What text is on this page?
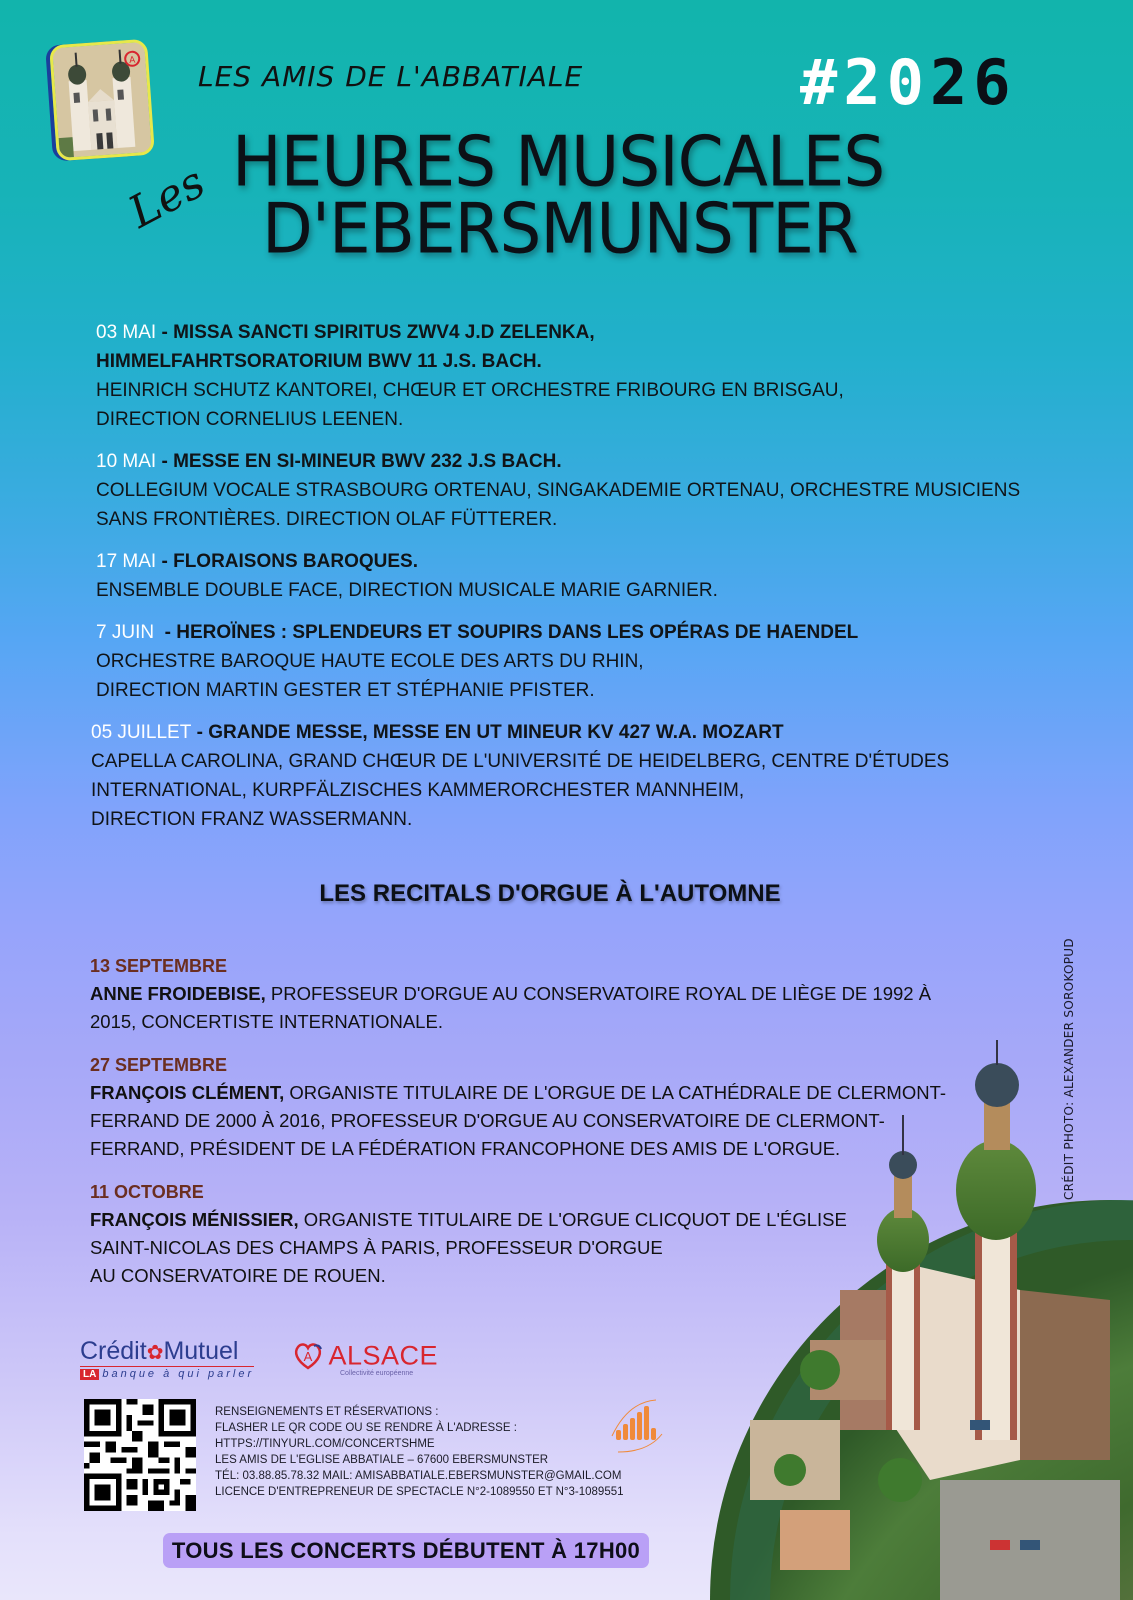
A LES AMIS DE L'ABBATIALE	#2026
Les HEURES MUSICALES
D'EBERSMUNSTER
03 MAI - MISSA SANCTI SPIRITUS ZWV4 J.D ZELENKA,
HIMMELFAHRTSORATORIUM BWV 11 J.S. BACH.
HEINRICH SCHUTZ KANTOREI, CHŒUR ET ORCHESTRE FRIBOURG EN BRISGAU,
DIRECTION CORNELIUS LEENEN.
10 MAI - MESSE EN SI-MINEUR BWV 232 J.S BACH.
COLLEGIUM VOCALE STRASBOURG ORTENAU, SINGAKADEMIE ORTENAU, ORCHESTRE MUSICIENS
SANS FRONTIÈRES. DIRECTION OLAF FÜTTERER.
17 MAI - FLORAISONS BAROQUES.
ENSEMBLE DOUBLE FACE, DIRECTION MUSICALE MARIE GARNIER.
7 JUIN  - HEROÏNES : SPLENDEURS ET SOUPIRS DANS LES OPÉRAS DE HAENDEL
ORCHESTRE BAROQUE HAUTE ECOLE DES ARTS DU RHIN,
DIRECTION MARTIN GESTER ET STÉPHANIE PFISTER.
05 JUILLET - GRANDE MESSE, MESSE EN UT MINEUR KV 427 W.A. MOZART
CAPELLA CAROLINA, GRAND CHŒUR DE L'UNIVERSITÉ DE HEIDELBERG, CENTRE D'ÉTUDES
INTERNATIONAL, KURPFÄLZISCHES KAMMERORCHESTER MANNHEIM,
DIRECTION FRANZ WASSERMANN.
LES RECITALS D'ORGUE À L'AUTOMNE
13 SEPTEMBRE
ANNE FROIDEBISE, PROFESSEUR D'ORGUE AU CONSERVATOIRE ROYAL DE LIÈGE DE 1992 À
2015, CONCERTISTE INTERNATIONALE.
27 SEPTEMBRE
FRANÇOIS CLÉMENT, ORGANISTE TITULAIRE DE L'ORGUE DE LA CATHÉDRALE DE CLERMONT-
FERRAND DE 2000 À 2016, PROFESSEUR D'ORGUE AU CONSERVATOIRE DE CLERMONT-
FERRAND, PRÉSIDENT DE LA FÉDÉRATION FRANCOPHONE DES AMIS DE L'ORGUE.
11 OCTOBRE
FRANÇOIS MÉNISSIER, ORGANISTE TITULAIRE DE L'ORGUE CLICQUOT DE L'ÉGLISE
SAINT-NICOLAS DES CHAMPS À PARIS, PROFESSEUR D'ORGUE
AU CONSERVATOIRE DE ROUEN.
CRÉDIT PHOTO: ALEXANDER SOROKOPUD
Crédit✿Mutuel
LA banque à qui parler
A ALSACE
Collectivité européenne
RENSEIGNEMENTS ET RÉSERVATIONS :
FLASHER LE QR CODE OU SE RENDRE À L'ADRESSE :
HTTPS://TINYURL.COM/CONCERTSHME
LES AMIS DE L'EGLISE ABBATIALE – 67600 EBERSMUNSTER
TÉL: 03.88.85.78.32 MAIL: AMISABBATIALE.EBERSMUNSTER@GMAIL.COM
LICENCE D'ENTREPRENEUR DE SPECTACLE N°2-1089550 ET N°3-1089551
TOUS LES CONCERTS DÉBUTENT À 17H00
